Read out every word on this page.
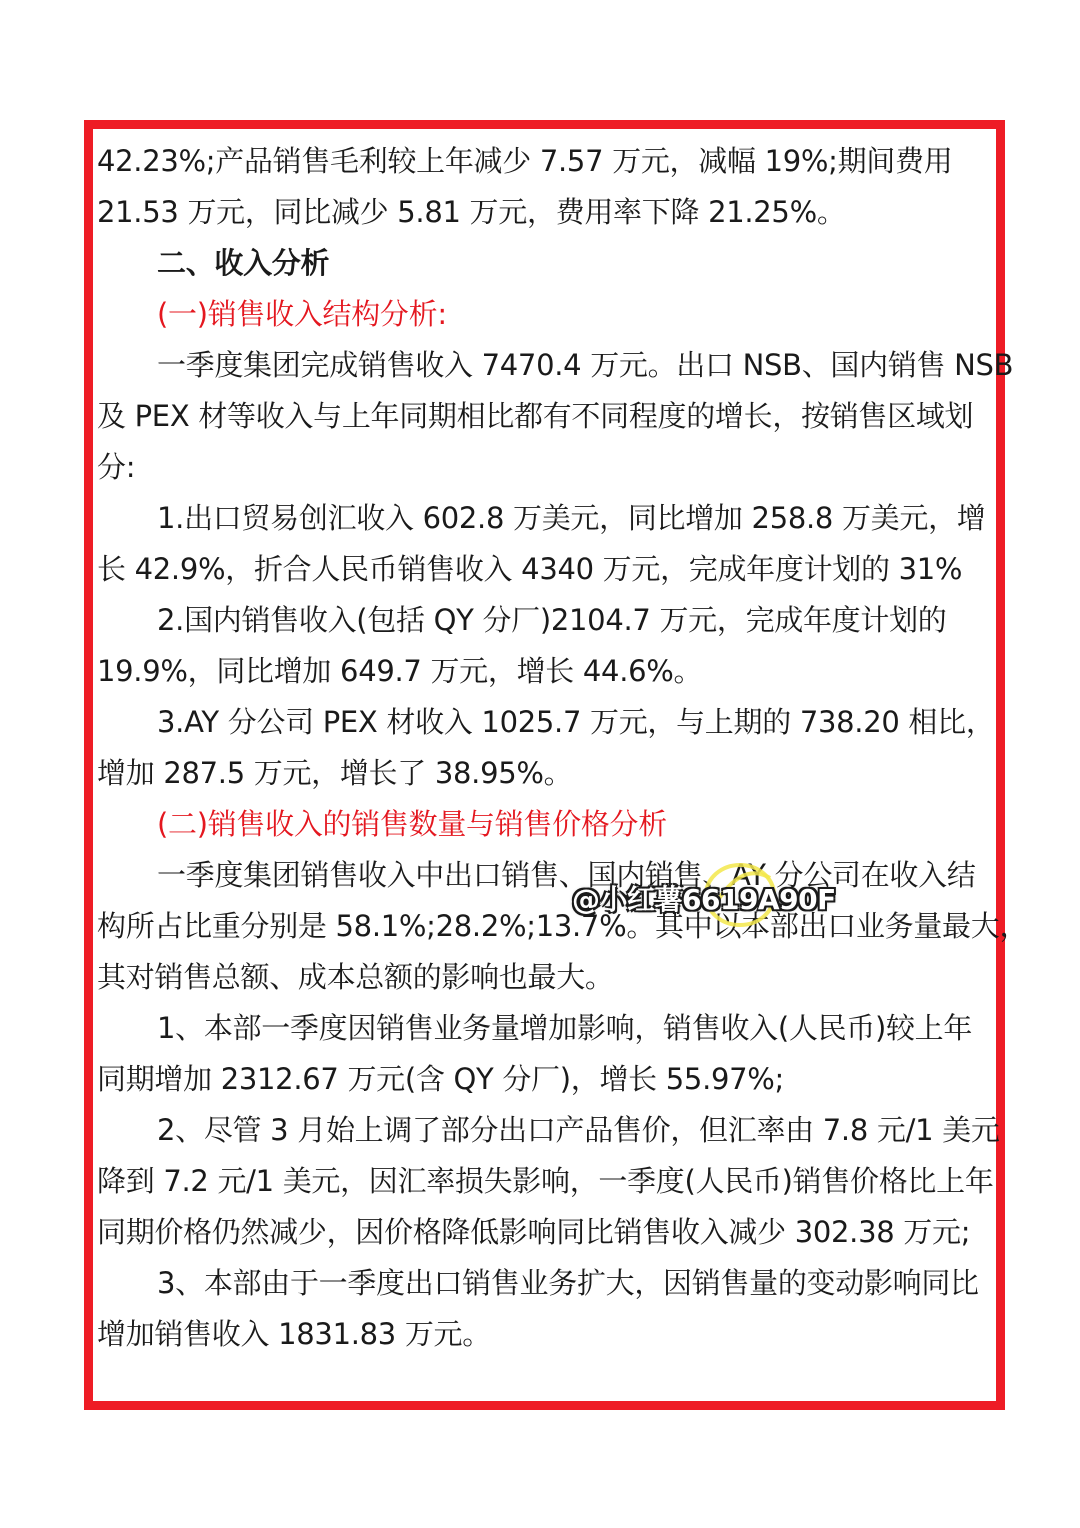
42.23%;产品销售毛利较上年减少 7.57 万元，减幅 19%;期间费用
21.53 万元，同比减少 5.81 万元，费用率下降 21.25%。
二、收入分析
(一)销售收入结构分析:
一季度集团完成销售收入 7470.4 万元。出口 NSB、国内销售 NSB
及 PEX 材等收入与上年同期相比都有不同程度的增长，按销售区域划
分:
1.出口贸易创汇收入 602.8 万美元，同比增加 258.8 万美元，增
长 42.9%，折合人民币销售收入 4340 万元，完成年度计划的 31%
2.国内销售收入(包括 QY 分厂)2104.7 万元，完成年度计划的
19.9%，同比增加 649.7 万元，增长 44.6%。
3.AY 分公司 PEX 材收入 1025.7 万元，与上期的 738.20 相比，
增加 287.5 万元，增长了 38.95%。
(二)销售收入的销售数量与销售价格分析
一季度集团销售收入中出口销售、国内销售、AY 分公司在收入结
构所占比重分别是 58.1%;28.2%;13.7%。其中以本部出口业务量最大，
其对销售总额、成本总额的影响也最大。
1、本部一季度因销售业务量增加影响，销售收入(人民币)较上年
同期增加 2312.67 万元(含 QY 分厂)，增长 55.97%;
2、尽管 3 月始上调了部分出口产品售价，但汇率由 7.8 元/1 美元
降到 7.2 元/1 美元，因汇率损失影响，一季度(人民币)销售价格比上年
同期价格仍然减少，因价格降低影响同比销售收入减少 302.38 万元;
3、本部由于一季度出口销售业务扩大，因销售量的变动影响同比
增加销售收入 1831.83 万元。
@小红薯6619A90F
